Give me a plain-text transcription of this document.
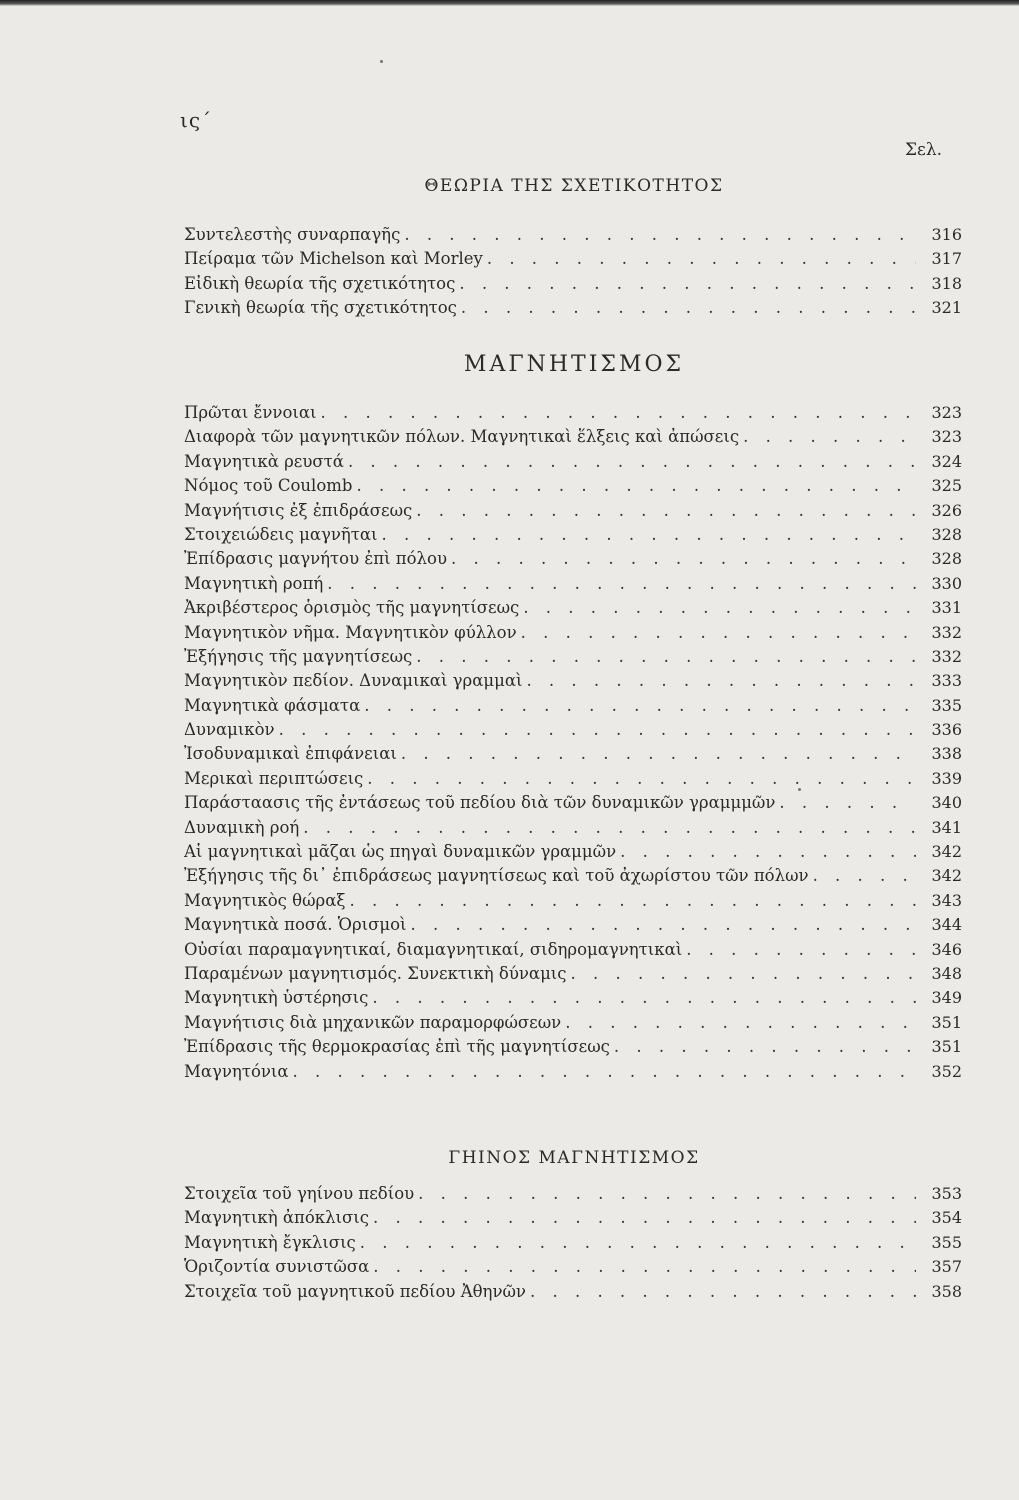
ις΄
Σελ.
ΘΕΩΡΙΑ ΤΗΣ ΣΧΕΤΙΚΟΤΗΤΟΣ
Συντελεστὴς συναρπαγῆς . . .	316
Πείραμα τῶν Michelson καὶ Morley . . .	317
Εἰδικὴ θεωρία τῆς σχετικότητος . . .	318
Γενικὴ θεωρία τῆς σχετικότητος . . .	321
ΜΑΓΝΗΤΙΣΜΟΣ
Πρῶται ἔννοιαι . . .	323
Διαφορὰ τῶν μαγνητικῶν πόλων. Μαγνητικαὶ ἕλξεις καὶ ἀπώσεις . . .	323
Μαγνητικὰ ρευστά . . .	324
Νόμος τοῦ Coulomb . . .	325
Μαγνήτισις ἐξ ἐπιδράσεως . . .	326
Στοιχειώδεις μαγνῆται . . .	328
Ἐπίδρασις μαγνήτου ἐπὶ πόλου . . .	328
Μαγνητικὴ ροπή . . .	330
Ἀκριβέστερος ὁρισμὸς τῆς μαγνητίσεως . . .	331
Μαγνητικὸν νῆμα. Μαγνητικὸν φύλλον . . .	332
Ἐξήγησις τῆς μαγνητίσεως . . .	332
Μαγνητικὸν πεδίον. Δυναμικαὶ γραμμαὶ . . .	333
Μαγνητικὰ φάσματα . . .	335
Δυναμικὸν . . .	336
Ἰσοδυναμικαὶ ἐπιφάνειαι . . .	338
Μερικαὶ περιπτώσεις . . .	339
Παράσταασις τῆς ἐντάσεως τοῦ πεδίου διὰ τῶν δυναμικῶν γραμμμῶν . . .	340
Δυναμικὴ ροή . . .	341
Αἱ μαγνητικαὶ μᾶζαι ὡς πηγαὶ δυναμικῶν γραμμῶν . . .	342
Ἐξήγησις τῆς δι᾽ ἐπιδράσεως μαγνητίσεως καὶ τοῦ ἀχωρίστου τῶν πόλων . . .	342
Μαγνητικὸς θώραξ . . .	343
Μαγνητικὰ ποσά. Ὁρισμοὶ . . .	344
Οὐσίαι παραμαγνητικαί, διαμαγνητικαί, σιδηρομαγνητικαὶ . . .	346
Παραμένων μαγνητισμός. Συνεκτικὴ δύναμις . . .	348
Μαγνητικὴ ὑστέρησις . . .	349
Μαγνήτισις διὰ μηχανικῶν παραμορφώσεων . . .	351
Ἐπίδρασις τῆς θερμοκρασίας ἐπὶ τῆς μαγνητίσεως . . .	351
Μαγνητόνια . . .	352
ΓΗΙΝΟΣ ΜΑΓΝΗΤΙΣΜΟΣ
Στοιχεῖα τοῦ γηίνου πεδίου . . .	353
Μαγνητικὴ ἀπόκλισις . . .	354
Μαγνητικὴ ἔγκλισις . . .	355
Ὁριζοντία συνιστῶσα . . .	357
Στοιχεῖα τοῦ μαγνητικοῦ πεδίου Ἀθηνῶν . . .	358
